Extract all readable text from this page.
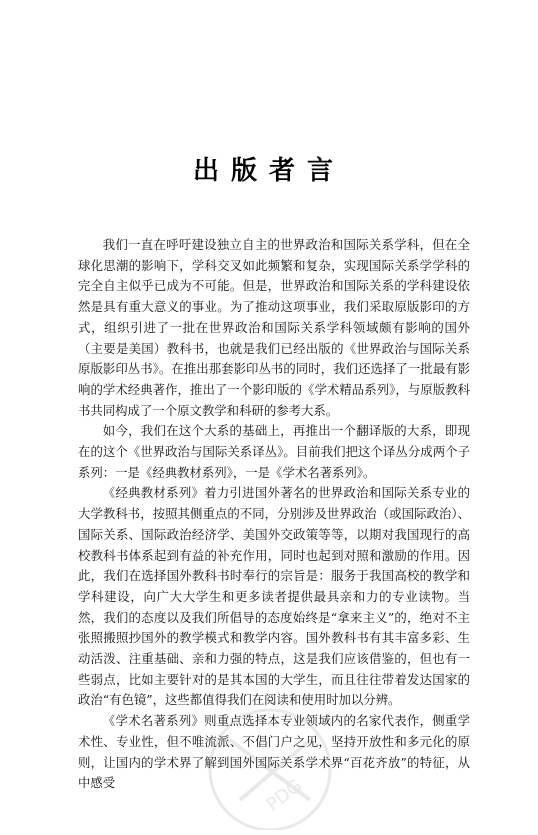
出版者言

我们一直在呼吁建设独立自主的世界政治和国际关系学科，但在全球化思潮的影响下，学科交叉如此频繁和复杂，实现国际关系学学科的完全自主似乎已成为不可能。但是，世界政治和国际关系的学科建设依然是具有重大意义的事业。为了推动这项事业，我们采取原版影印的方式，组织引进了一批在世界政治和国际关系学科领域颇有影响的国外（主要是美国）教科书，也就是我们已经出版的《世界政治与国际关系原版影印丛书》。在推出那套影印丛书的同时，我们还选择了一批最有影响的学术经典著作，推出了一个影印版的《学术精品系列》，与原版教科书共同构成了一个原文教学和科研的参考大系。

如今，我们在这个大系的基础上，再推出一个翻译版的大系，即现在的这个《世界政治与国际关系译丛》。目前我们把这个译丛分成两个子系列：一是《经典教材系列》，一是《学术名著系列》。

《经典教材系列》着力引进国外著名的世界政治和国际关系专业的大学教科书，按照其侧重点的不同，分别涉及世界政治（或国际政治）、国际关系、国际政治经济学、美国外交政策等等，以期对我国现行的高校教科书体系起到有益的补充作用，同时也起到对照和激励的作用。因此，我们在选择国外教科书时奉行的宗旨是：服务于我国高校的教学和学科建设，向广大大学生和更多读者提供最具亲和力的专业读物。当然，我们的态度以及我们所倡导的态度始终是“拿来主义”的，绝对不主张照搬照抄国外的教学模式和教学内容。国外教科书有其丰富多彩、生动活泼、注重基础、亲和力强的特点，这是我们应该借鉴的，但也有一些弱点，比如主要针对的是其本国的大学生，而且往往带着发达国家的政治“有色镜”，这些都值得我们在阅读和使用时加以分辨。

《学术名著系列》则重点选择本专业领域内的名家代表作，侧重学术性、专业性，但不唯流派、不倡门户之见，坚持开放性和多元化的原则，让国内的学术界了解到国外国际关系学术界“百花齐放”的特征，从中感受	PDG
